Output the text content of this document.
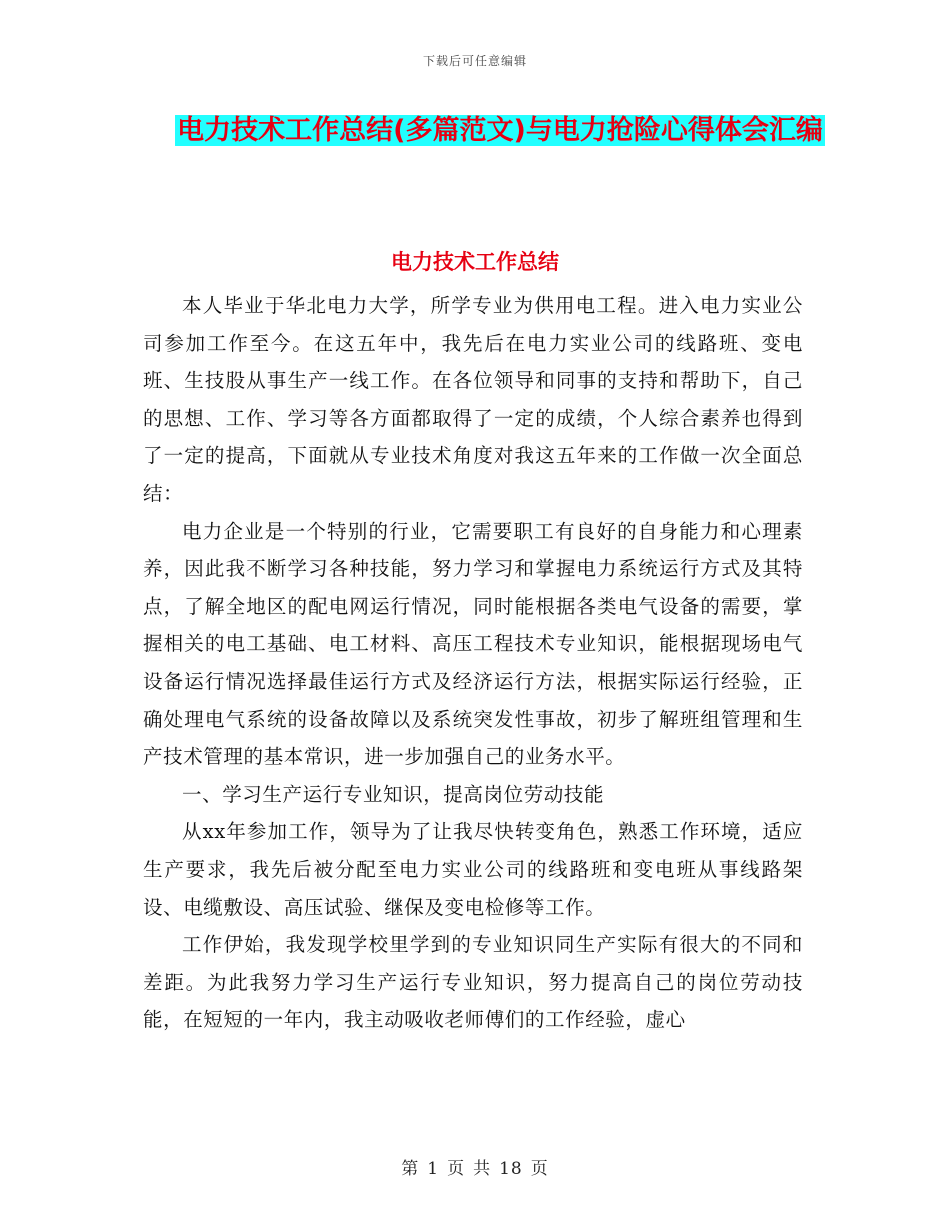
下载后可任意编辑
电力技术工作总结(多篇范文)与电力抢险心得体会汇编
电力技术工作总结

本人毕业于华北电力大学，所学专业为供用电工程。进入电力实业公司参加工作至今。在这五年中，我先后在电力实业公司的线路班、变电班、生技股从事生产一线工作。在各位领导和同事的支持和帮助下，自己的思想、工作、学习等各方面都取得了一定的成绩，个人综合素养也得到了一定的提高，下面就从专业技术角度对我这五年来的工作做一次全面总结：

电力企业是一个特别的行业，它需要职工有良好的自身能力和心理素养，因此我不断学习各种技能，努力学习和掌握电力系统运行方式及其特点，了解全地区的配电网运行情况，同时能根据各类电气设备的需要，掌握相关的电工基础、电工材料、高压工程技术专业知识，能根据现场电气设备运行情况选择最佳运行方式及经济运行方法，根据实际运行经验，正确处理电气系统的设备故障以及系统突发性事故，初步了解班组管理和生产技术管理的基本常识，进一步加强自己的业务水平。

一、学习生产运行专业知识，提高岗位劳动技能

从xx年参加工作，领导为了让我尽快转变角色，熟悉工作环境，适应生产要求，我先后被分配至电力实业公司的线路班和变电班从事线路架设、电缆敷设、高压试验、继保及变电检修等工作。

工作伊始，我发现学校里学到的专业知识同生产实际有很大的不同和差距。为此我努力学习生产运行专业知识，努力提高自己的岗位劳动技能，在短短的一年内，我主动吸收老师傅们的工作经验，虚心

第 1 页 共 18 页
